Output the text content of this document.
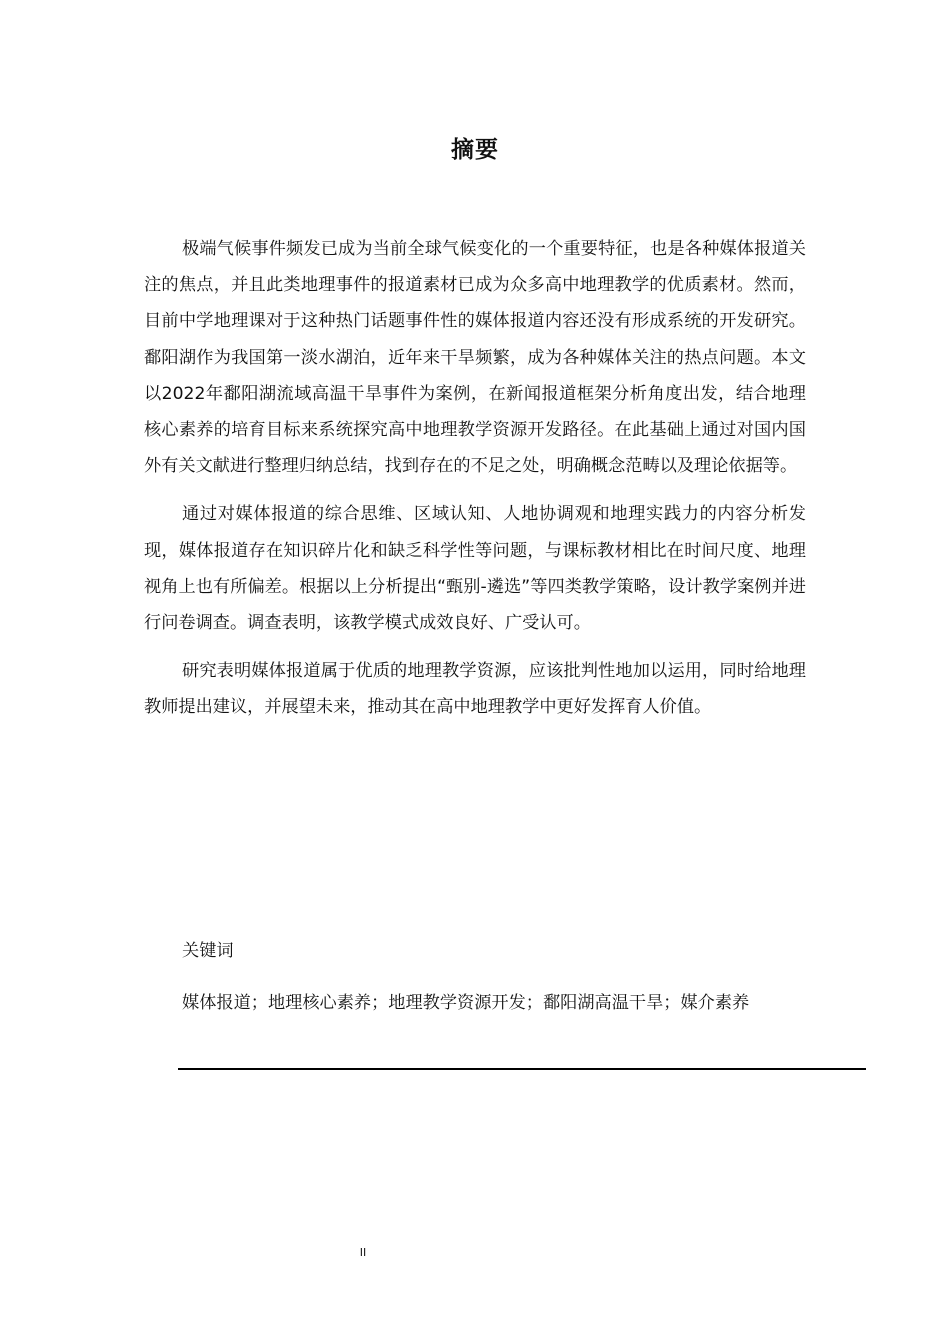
摘要

极端气候事件频发已成为当前全球气候变化的一个重要特征，也是各种媒体报道关注的焦点，并且此类地理事件的报道素材已成为众多高中地理教学的优质素材。然而，目前中学地理课对于这种热门话题事件性的媒体报道内容还没有形成系统的开发研究。鄱阳湖作为我国第一淡水湖泊，近年来干旱频繁，成为各种媒体关注的热点问题。本文以2022年鄱阳湖流域高温干旱事件为案例，在新闻报道框架分析角度出发，结合地理核心素养的培育目标来系统探究高中地理教学资源开发路径。在此基础上通过对国内国外有关文献进行整理归纳总结，找到存在的不足之处，明确概念范畴以及理论依据等。

通过对媒体报道的综合思维、区域认知、人地协调观和地理实践力的内容分析发现，媒体报道存在知识碎片化和缺乏科学性等问题，与课标教材相比在时间尺度、地理视角上也有所偏差。根据以上分析提出“甄别-遴选”等四类教学策略，设计教学案例并进行问卷调查。调查表明，该教学模式成效良好、广受认可。

研究表明媒体报道属于优质的地理教学资源，应该批判性地加以运用，同时给地理教师提出建议，并展望未来，推动其在高中地理教学中更好发挥育人价值。

关键词

媒体报道；地理核心素养；地理教学资源开发；鄱阳湖高温干旱；媒介素养

II
